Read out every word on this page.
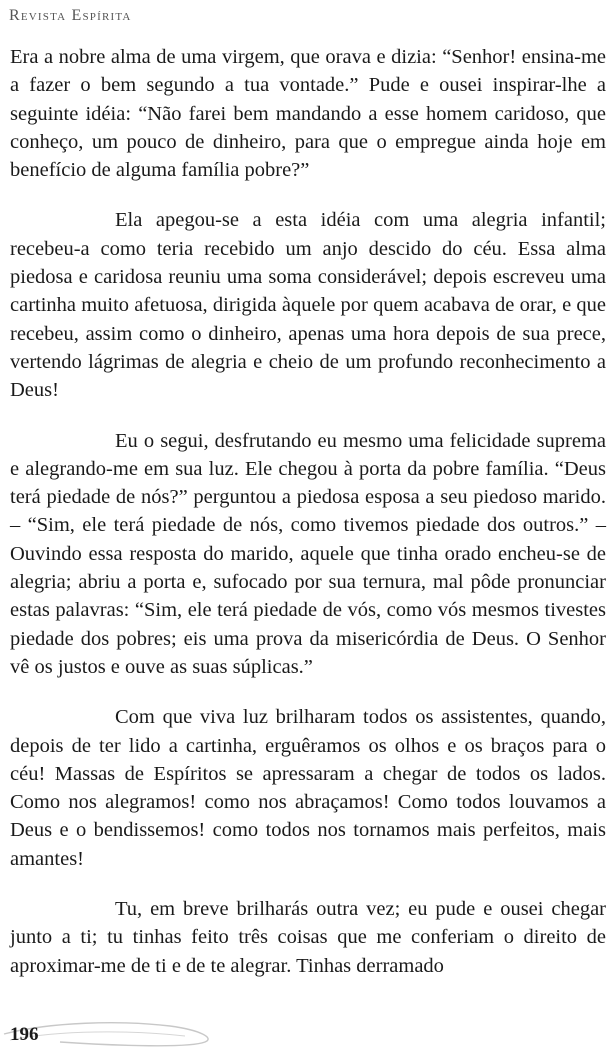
Revista Espírita

Era a nobre alma de uma virgem, que orava e dizia: “Senhor! ensina-me a fazer o bem segundo a tua vontade.” Pude e ousei inspirar-lhe a seguinte idéia: “Não farei bem mandando a esse homem caridoso, que conheço, um pouco de dinheiro, para que o empregue ainda hoje em benefício de alguma família pobre?”

Ela apegou-se a esta idéia com uma alegria infantil; recebeu-a como teria recebido um anjo descido do céu. Essa alma piedosa e caridosa reuniu uma soma considerável; depois escreveu uma cartinha muito afetuosa, dirigida àquele por quem acabava de orar, e que recebeu, assim como o dinheiro, apenas uma hora depois de sua prece, vertendo lágrimas de alegria e cheio de um profundo reconhecimento a Deus!

Eu o segui, desfrutando eu mesmo uma felicidade suprema e alegrando-me em sua luz. Ele chegou à porta da pobre família. “Deus terá piedade de nós?” perguntou a piedosa esposa a seu piedoso marido. – “Sim, ele terá piedade de nós, como tivemos piedade dos outros.” – Ouvindo essa resposta do marido, aquele que tinha orado encheu-se de alegria; abriu a porta e, sufocado por sua ternura, mal pôde pronunciar estas palavras: “Sim, ele terá piedade de vós, como vós mesmos tivestes piedade dos pobres; eis uma prova da misericórdia de Deus. O Senhor vê os justos e ouve as suas súplicas.”

Com que viva luz brilharam todos os assistentes, quando, depois de ter lido a cartinha, erguêramos os olhos e os braços para o céu! Massas de Espíritos se apressaram a chegar de todos os lados. Como nos alegramos! como nos abraçamos! Como todos louvamos a Deus e o bendissemos! como todos nos tornamos mais perfeitos, mais amantes!

Tu, em breve brilharás outra vez; eu pude e ousei chegar junto a ti; tu tinhas feito três coisas que me conferiam o direito de aproximar-me de ti e de te alegrar. Tinhas derramado

196
